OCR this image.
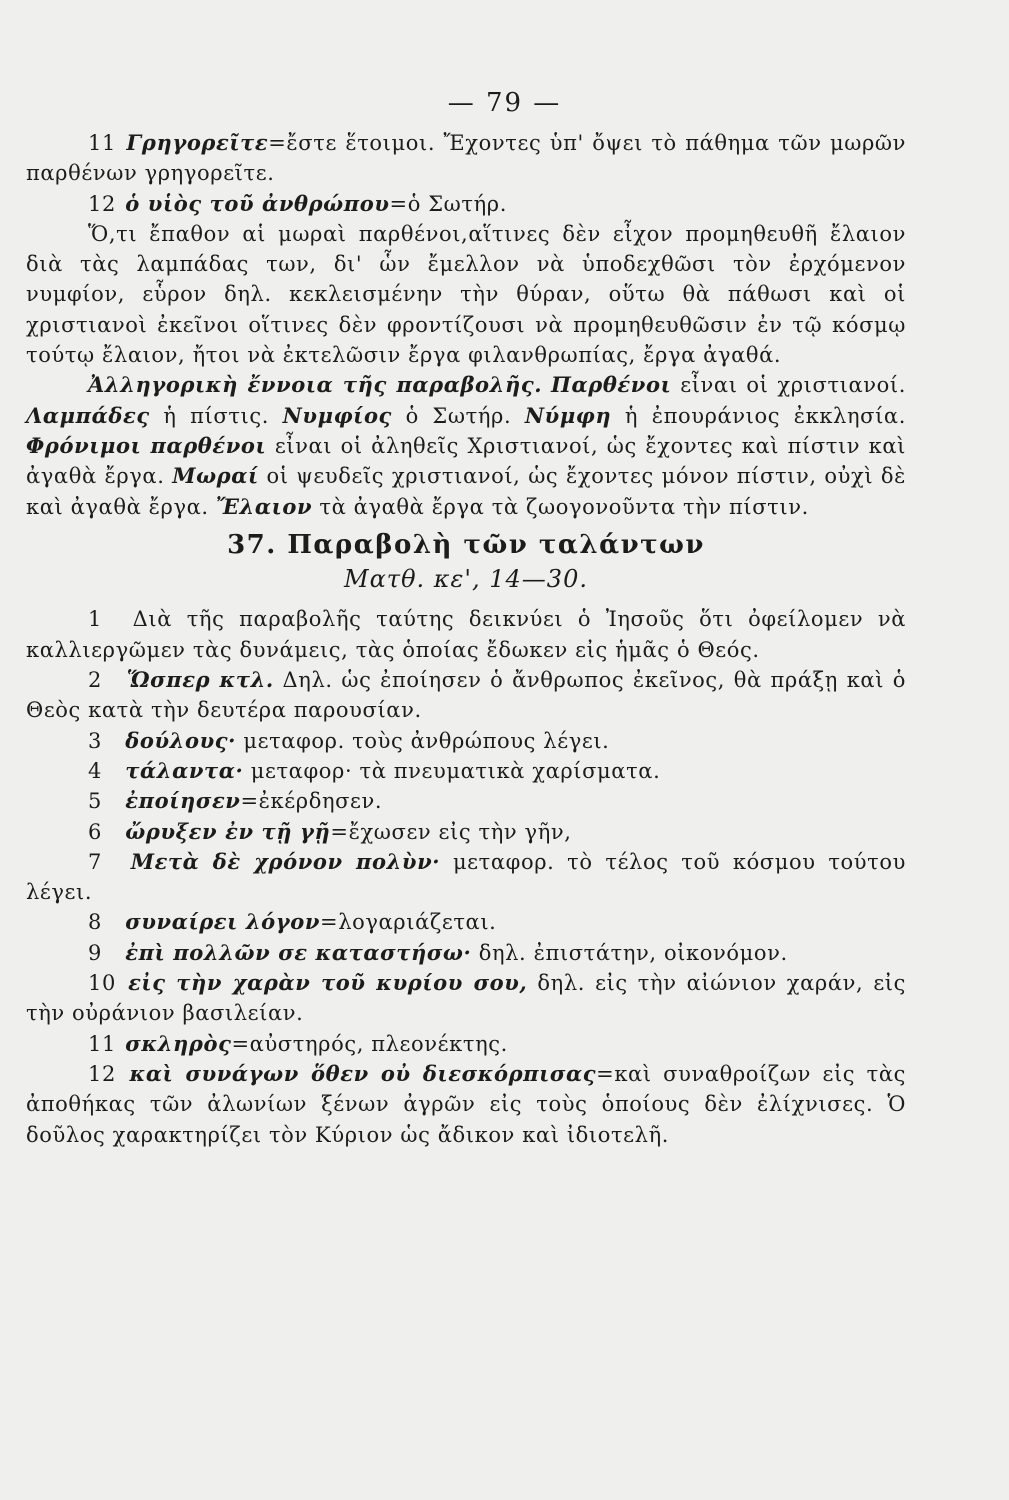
— 79 —

11 Γρηγορεῖτε=ἔστε ἕτοιμοι. Ἔχοντες ὑπ' ὄψει τὸ πάθημα τῶν μωρῶν παρθένων γρηγορεῖτε.

12 ὁ υἱὸς τοῦ ἀνθρώπου=ὁ Σωτήρ.

Ὅ,τι ἔπαθον αἱ μωραὶ παρθένοι,αἵτινες δὲν εἶχον προμηθευθῆ ἔλαιον διὰ τὰς λαμπάδας των, δι' ὧν ἔμελλον νὰ ὑποδεχθῶσι τὸν ἐρχόμενον νυμφίον, εὗρον δηλ. κεκλεισμένην τὴν θύραν, οὕτω θὰ πάθωσι καὶ οἱ χριστιανοὶ ἐκεῖνοι οἵτινες δὲν φροντίζουσι νὰ προμηθευθῶσιν ἐν τῷ κόσμῳ τούτῳ ἔλαιον, ἤτοι νὰ ἐκτελῶσιν ἔργα φιλανθρωπίας, ἔργα ἀγαθά.

Ἀλληγορικὴ ἔννοια τῆς παραβολῆς. Παρθένοι εἶναι οἱ χριστιανοί. Λαμπάδες ἡ πίστις. Νυμφίος ὁ Σωτήρ. Νύμφη ἡ ἐπουράνιος ἐκκλησία. Φρόνιμοι παρθένοι εἶναι οἱ ἀληθεῖς Χριστιανοί, ὡς ἔχοντες καὶ πίστιν καὶ ἀγαθὰ ἔργα. Μωραί οἱ ψευδεῖς χριστιανοί, ὡς ἔχοντες μόνον πίστιν, οὐχὶ δὲ καὶ ἀγαθὰ ἔργα. Ἔλαιον τὰ ἀγαθὰ ἔργα τὰ ζωογονοῦντα τὴν πίστιν.

37. Παραβολὴ τῶν ταλάντων

Ματθ. κε', 14—30.

1 Διὰ τῆς παραβολῆς ταύτης δεικνύει ὁ Ἰησοῦς ὅτι ὀφείλομεν νὰ καλλιεργῶμεν τὰς δυνάμεις, τὰς ὁποίας ἔδωκεν εἰς ἡμᾶς ὁ Θεός.

2 Ὥσπερ κτλ. Δηλ. ὡς ἐποίησεν ὁ ἄνθρωπος ἐκεῖνος, θὰ πράξῃ καὶ ὁ Θεὸς κατὰ τὴν δευτέρα παρουσίαν.

3 δούλους· μεταφορ. τοὺς ἀνθρώπους λέγει.

4 τάλαντα· μεταφορ· τὰ πνευματικὰ χαρίσματα.

5 ἐποίησεν=ἐκέρδησεν.

6 ὤρυξεν ἐν τῇ γῇ=ἔχωσεν εἰς τὴν γῆν,

7 Μετὰ δὲ χρόνον πολὺν· μεταφορ. τὸ τέλος τοῦ κόσμου τούτου λέγει.

8 συναίρει λόγον=λογαριάζεται.

9 ἐπὶ πολλῶν σε καταστήσω· δηλ. ἐπιστάτην, οἰκονόμον.

10 εἰς τὴν χαρὰν τοῦ κυρίου σου, δηλ. εἰς τὴν αἰώνιον χαράν, εἰς τὴν οὐράνιον βασιλείαν.

11 σκληρὸς=αὐστηρός, πλεονέκτης.

12 καὶ συνάγων ὅθεν οὐ διεσκόρπισας=καὶ συναθροίζων εἰς τὰς ἀποθήκας τῶν ἀλωνίων ξένων ἀγρῶν εἰς τοὺς ὁποίους δὲν ἐλίχνισες. Ὁ δοῦλος χαρακτηρίζει τὸν Κύριον ὡς ἄδικον καὶ ἰδιοτελῆ.
